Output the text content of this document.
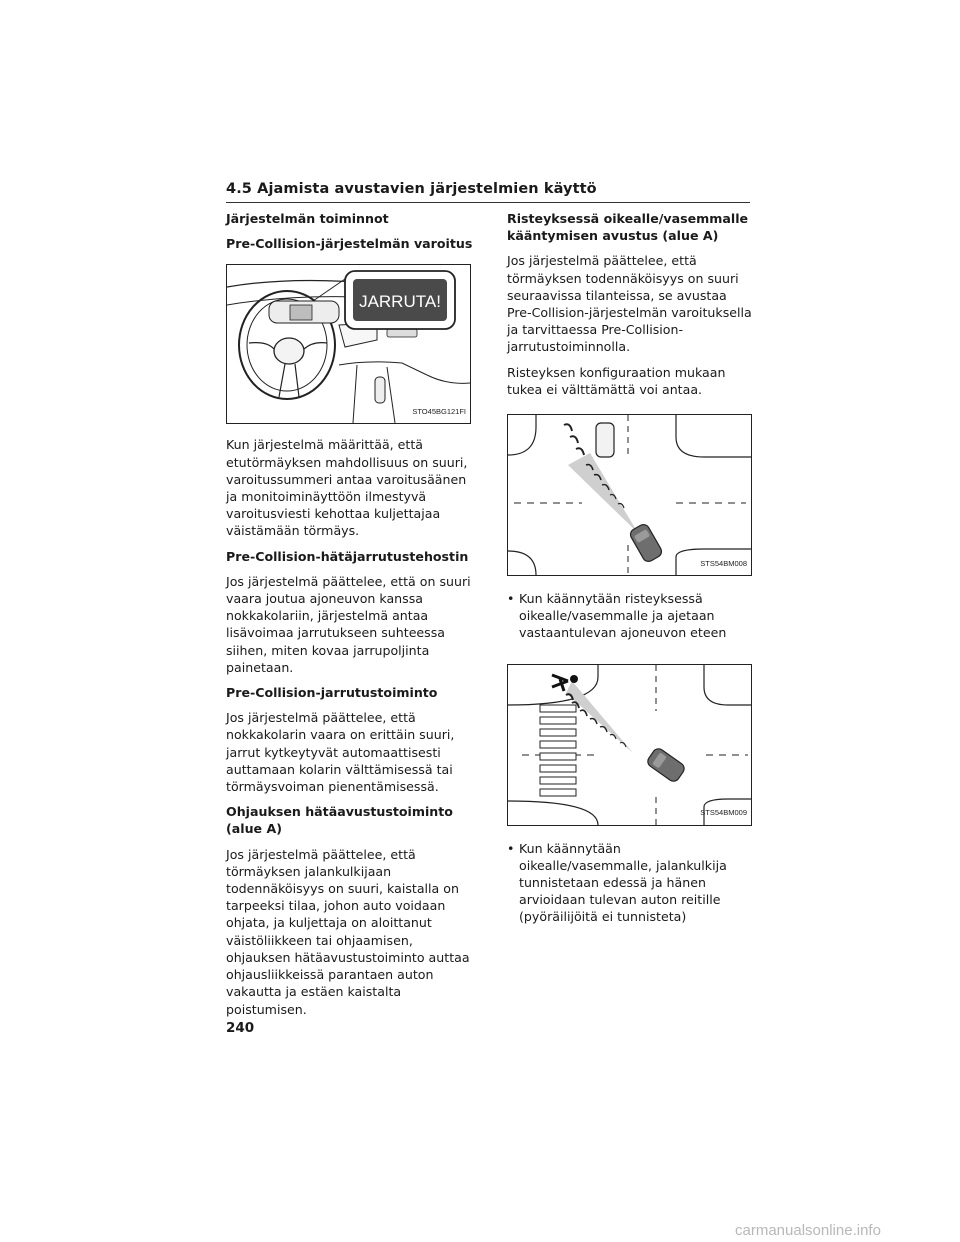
4.5 Ajamista avustavien järjestelmien käyttö
Järjestelmän toiminnot
Pre-Collision-järjestelmän varoitus
JARRUTA!
STO45BG121FI
Kun järjestelmä määrittää, että etutörmäyksen mahdollisuus on suuri, varoitussummeri antaa varoitusäänen ja monitoiminäyttöön ilmestyvä varoitusviesti kehottaa kuljettajaa väistämään törmäys.
Pre-Collision-hätäjarrutustehostin
Jos järjestelmä päättelee, että on suuri vaara joutua ajoneuvon kanssa nokkakolariin, järjestelmä antaa lisävoimaa jarrutukseen suhteessa siihen, miten kovaa jarrupoljinta painetaan.
Pre-Collision-jarrutustoiminto
Jos järjestelmä päättelee, että nokkakolarin vaara on erittäin suuri, jarrut kytkeytyvät automaattisesti auttamaan kolarin välttämisessä tai törmäysvoiman pienentämisessä.
Ohjauksen hätäavustustoiminto (alue A)
Jos järjestelmä päättelee, että törmäyksen jalankulkijaan todennäköisyys on suuri, kaistalla on tarpeeksi tilaa, johon auto voidaan ohjata, ja kuljettaja on aloittanut väistöliikkeen tai ohjaamisen, ohjauksen hätäavustustoiminto auttaa ohjausliikkeissä parantaen auton vakautta ja estäen kaistalta poistumisen.
Risteyksessä oikealle/vasemmalle kääntymisen avustus (alue A)
Jos järjestelmä päättelee, että törmäyksen todennäköisyys on suuri seuraavissa tilanteissa, se avustaa Pre-Collision-järjestelmän varoituksella ja tarvittaessa Pre-Collision-jarrutustoiminnolla.
Risteyksen konfiguraation mukaan tukea ei välttämättä voi antaa.
STS54BM008
• Kun käännytään risteyksessä oikealle/vasemmalle ja ajetaan vastaantulevan ajoneuvon eteen
STS54BM009
• Kun käännytään oikealle/vasemmalle, jalankulkija tunnistetaan edessä ja hänen arvioidaan tulevan auton reitille (pyöräilijöitä ei tunnisteta)
240
carmanualsonline.info
